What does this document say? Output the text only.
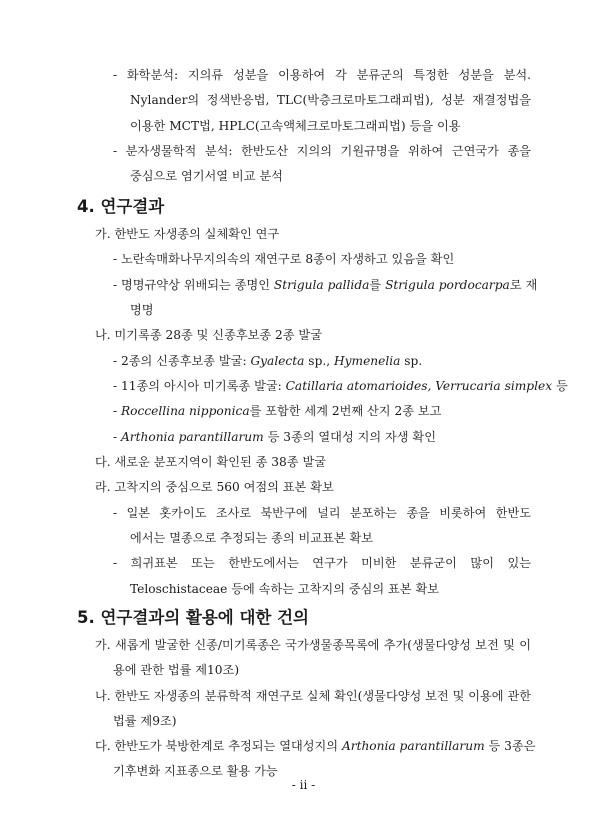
- 화학분석: 지의류 성분을 이용하여 각 분류군의 특정한 성분을 분석.
Nylander의 정색반응법, TLC(박층크로마토그래피법), 성분 재결정법을
이용한 MCT법, HPLC(고속액체크로마토그래피법) 등을 이용
- 분자생물학적 분석: 한반도산 지의의 기원규명을 위하여 근연국가 종을
중심으로 염기서열 비교 분석
4. 연구결과
가. 한반도 자생종의 실체확인 연구
- 노란속매화나무지의속의 재연구로 8종이 자생하고 있음을 확인
- 명명규약상 위배되는 종명인 Strigula pallida를 Strigula pordocarpa로 재
명명
나. 미기록종 28종 및 신종후보종 2종 발굴
- 2종의 신종후보종 발굴: Gyalecta sp., Hymenelia sp.
- 11종의 아시아 미기록종 발굴: Catillaria atomarioides, Verrucaria simplex 등
- Roccellina nipponica를 포함한 세계 2번째 산지 2종 보고
- Arthonia parantillarum 등 3종의 열대성 지의 자생 확인
다. 새로운 분포지역이 확인된 종 38종 발굴
라. 고착지의 중심으로 560 여점의 표본 확보
- 일본 홋카이도 조사로 북반구에 널리 분포하는 종을 비롯하여 한반도
에서는 멸종으로 추정되는 종의 비교표본 확보
- 희귀표본 또는 한반도에서는 연구가 미비한 분류군이 많이 있는
Teloschistaceae 등에 속하는 고착지의 중심의 표본 확보
5. 연구결과의 활용에 대한 건의
가. 새롭게 발굴한 신종/미기록종은 국가생물종목록에 추가(생물다양성 보전 및 이
용에 관한 법률 제10조)
나. 한반도 자생종의 분류학적 재연구로 실체 확인(생물다양성 보전 및 이용에 관한
법률 제9조)
다. 한반도가 북방한계로 추정되는 열대성지의 Arthonia parantillarum 등 3종은
기후변화 지표종으로 활용 가능
- ii -
